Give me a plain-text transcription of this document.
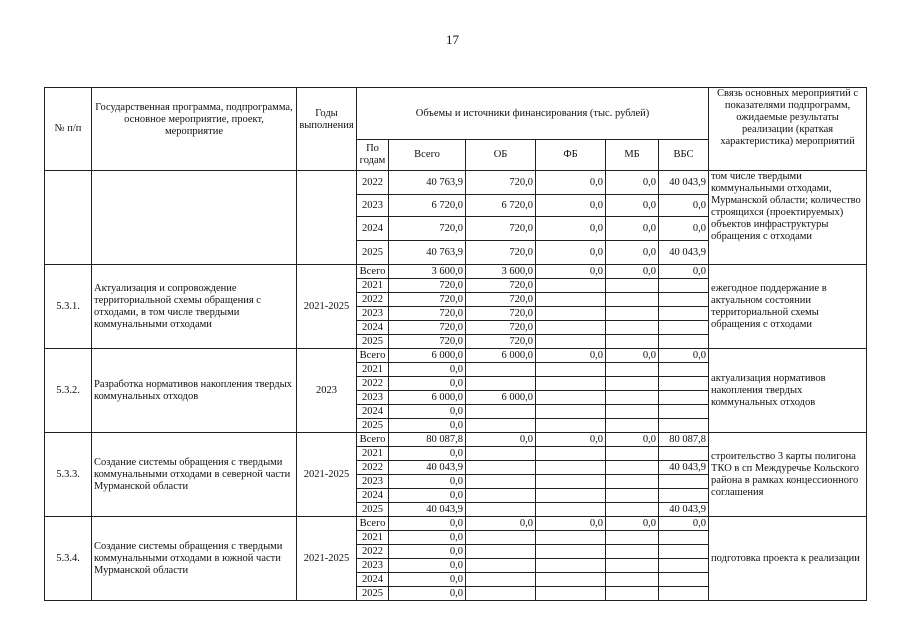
17
№ п/п	Государственная программа, подпрограмма, основное мероприятие, проект, мероприятие	Годы выполнения	Объемы и источники финансирования (тыс. рублей)						Связь основных мероприятий с показателями подпрограмм, ожидаемые результаты реализации (краткая характеристика) мероприятий
			По годам	Всего	ОБ	ФБ	МБ	ВБС	
			2022	40 763,9	720,0	0,0	0,0	40 043,9	том числе твердыми коммунальными отходами, Мурманской области; количество строящихся (проектируемых) объектов инфраструктуры обращения с отходами
			2023	6 720,0	6 720,0	0,0	0,0	0,0	
			2024	720,0	720,0	0,0	0,0	0,0	
			2025	40 763,9	720,0	0,0	0,0	40 043,9	
5.3.1.	Актуализация и сопровождение территориальной схемы обращения с отходами, в том числе твердыми коммунальными отходами	2021-2025	Всего	3 600,0	3 600,0	0,0	0,0	0,0	ежегодное поддержание в актуальном состоянии территориальной схемы обращения с отходами
			2021	720,0	720,0				
			2022	720,0	720,0				
			2023	720,0	720,0				
			2024	720,0	720,0				
			2025	720,0	720,0				
5.3.2.	Разработка нормативов накопления твердых коммунальных отходов	2023	Всего	6 000,0	6 000,0	0,0	0,0	0,0	актуализация нормативов накопления твердых коммунальных отходов
			2021	0,0					
			2022	0,0					
			2023	6 000,0	6 000,0				
			2024	0,0					
			2025	0,0					
5.3.3.	Создание системы обращения с твердыми коммунальными отходами в северной части Мурманской области	2021-2025	Всего	80 087,8	0,0	0,0	0,0	80 087,8	строительство 3 карты полигона ТКО в сп Междуречье Кольского района в рамках концессионного соглашения
			2021	0,0					
			2022	40 043,9				40 043,9	
			2023	0,0					
			2024	0,0					
			2025	40 043,9				40 043,9	
5.3.4.	Создание системы обращения с твердыми коммунальными отходами в южной части Мурманской области	2021-2025	Всего	0,0	0,0	0,0	0,0	0,0	подготовка проекта к реализации
			2021	0,0					
			2022	0,0					
			2023	0,0					
			2024	0,0					
			2025	0,0					
